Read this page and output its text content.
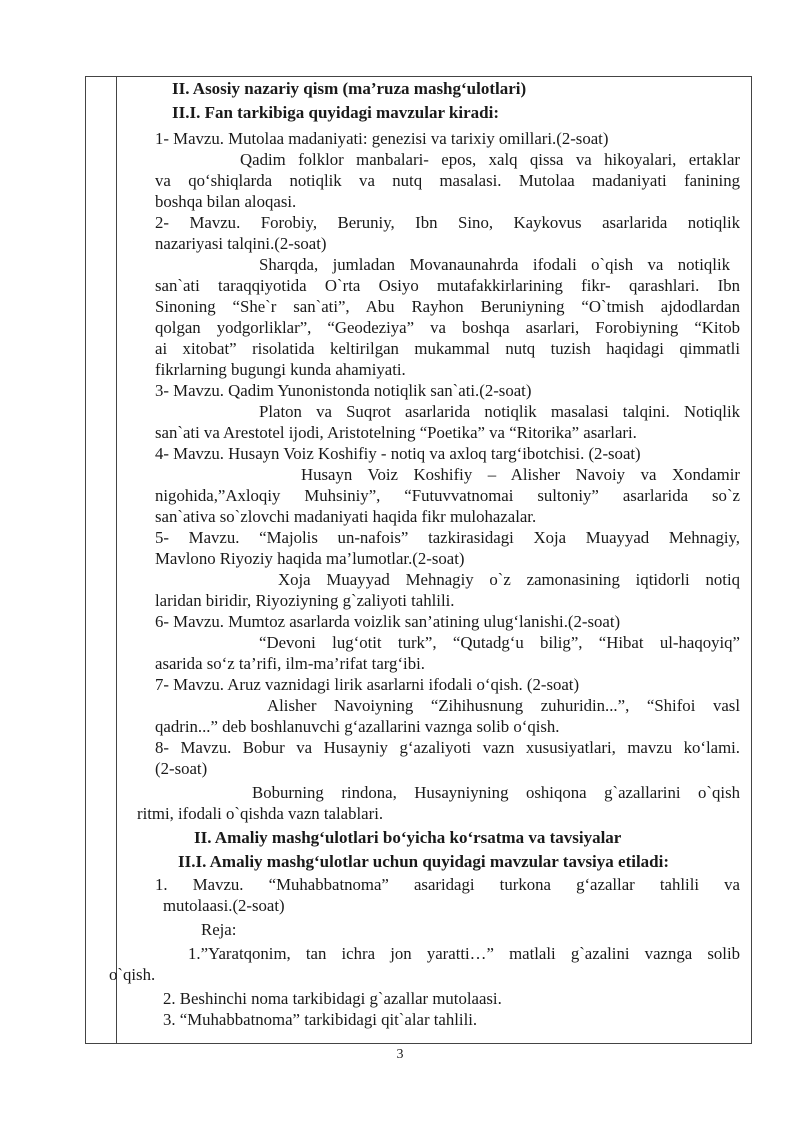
II. Asosiy nazariy qism (ma’ruza mashg‘ulotlari)

II.I. Fan tarkibiga quyidagi mavzular kiradi:

1- Mavzu. Mutolaa madaniyati: genezisi va tarixiy omillari.(2-soat)

Qadim folklor manbalari- epos, xalq qissa va hikoyalari, ertaklar

va qo‘shiqlarda notiqlik va nutq masalasi. Mutolaa madaniyati fanining

boshqa bilan aloqasi.

2- Mavzu. Forobiy, Beruniy, Ibn Sino, Kaykovus asarlarida notiqlik

nazariyasi talqini.(2-soat)

Sharqda, jumladan Movanaunahrda ifodali o`qish va notiqlik

san`ati taraqqiyotida O`rta Osiyo mutafakkirlarining fikr- qarashlari. Ibn

Sinoning “She`r san`ati”, Abu Rayhon Beruniyning “O`tmish ajdodlardan

qolgan yodgorliklar”, “Geodeziya” va boshqa asarlari, Forobiyning “Kitob

ai xitobat” risolatida keltirilgan mukammal nutq tuzish haqidagi qimmatli

fikrlarning bugungi kunda ahamiyati.

3- Mavzu. Qadim Yunonistonda notiqlik san`ati.(2-soat)

Platon va Suqrot asarlarida notiqlik masalasi talqini. Notiqlik

san`ati va Arestotel ijodi, Aristotelning “Poetika” va “Ritorika” asarlari.

4- Mavzu. Husayn Voiz Koshifiy - notiq va axloq targ‘ibotchisi. (2-soat)

Husayn Voiz Koshifiy – Alisher Navoiy va Xondamir

nigohida,”Axloqiy Muhsiniy”, “Futuvvatnomai sultoniy” asarlarida so`z

san`ativa so`zlovchi madaniyati haqida fikr mulohazalar.

5- Mavzu. “Majolis un-nafois” tazkirasidagi Xoja Muayyad Mehnagiy,

Mavlono Riyoziy haqida ma’lumotlar.(2-soat)

Xoja Muayyad Mehnagiy o`z zamonasining iqtidorli notiq

laridan biridir, Riyoziyning g`zaliyoti tahlili.

6- Mavzu. Mumtoz asarlarda voizlik san’atining ulug‘lanishi.(2-soat)

“Devoni lug‘otit turk”, “Qutadg‘u bilig”, “Hibat ul-haqoyiq”

asarida so‘z ta’rifi, ilm-ma’rifat targ‘ibi.

7- Mavzu. Aruz vaznidagi lirik asarlarni ifodali o‘qish. (2-soat)

Alisher Navoiyning “Zihihusnung zuhuridin...”, “Shifoi vasl

qadrin...” deb boshlanuvchi g‘azallarini vaznga solib o‘qish.

8- Mavzu. Bobur va Husayniy g‘azaliyoti vazn xususiyatlari, mavzu ko‘lami.

(2-soat)

Boburning rindona, Husayniyning oshiqona g`azallarini o`qish

ritmi, ifodali o`qishda vazn talablari.

II. Amaliy mashg‘ulotlari bo‘yicha ko‘rsatma va tavsiyalar

II.I. Amaliy mashg‘ulotlar uchun quyidagi mavzular tavsiya etiladi:

1. Mavzu. “Muhabbatnoma” asaridagi turkona g‘azallar tahlili va

mutolaasi.(2-soat)

Reja:

1.”Yaratqonim, tan ichra jon yaratti…” matlali g`azalini vaznga solib

o`qish.

2. Beshinchi noma tarkibidagi g`azallar mutolaasi.

3. “Muhabbatnoma” tarkibidagi qit`alar tahlili.

3
